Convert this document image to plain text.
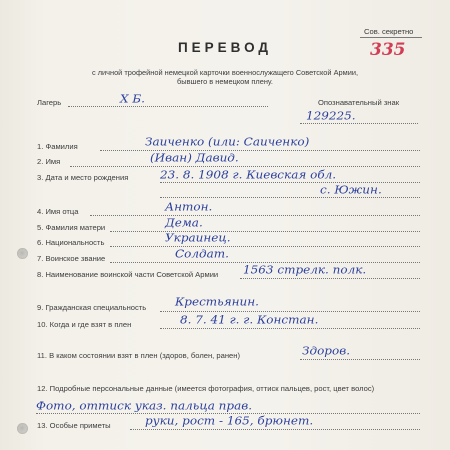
Сов. секретно
335
ПЕРЕВОД
с личной трофейной немецкой карточки военнослужащего Советской Армии,
бывшего в немецком плену.
Лагерь	Х Б.	Опознавательный знак
129225.
1. Фамилия	Заиченко (или: Саиченко)
2. Имя	(Иван) Давид.
3. Дата и место рождения	23. 8. 1908 г. Киевская обл.
с. Южин.
4. Имя отца	Антон.
5. Фамилия матери	Дема.
6. Национальность	Украинец.
7. Воинское звание	Солдат.
8. Наименование воинской части Советской Армии 1563 стрелк. полк.
9. Гражданская специальность Крестьянин.
10. Когда и где взят в плен	8. 7. 41 г. г. Констан.
11. В каком состоянии взят в плен (здоров, болен, ранен)	Здоров.
12. Подробные персональные данные (имеется фотография, оттиск пальцев, рост, цвет волос)
Фото, оттиск указ. пальца прав.
13. Особые приметы	руки, рост - 165, брюнет.
